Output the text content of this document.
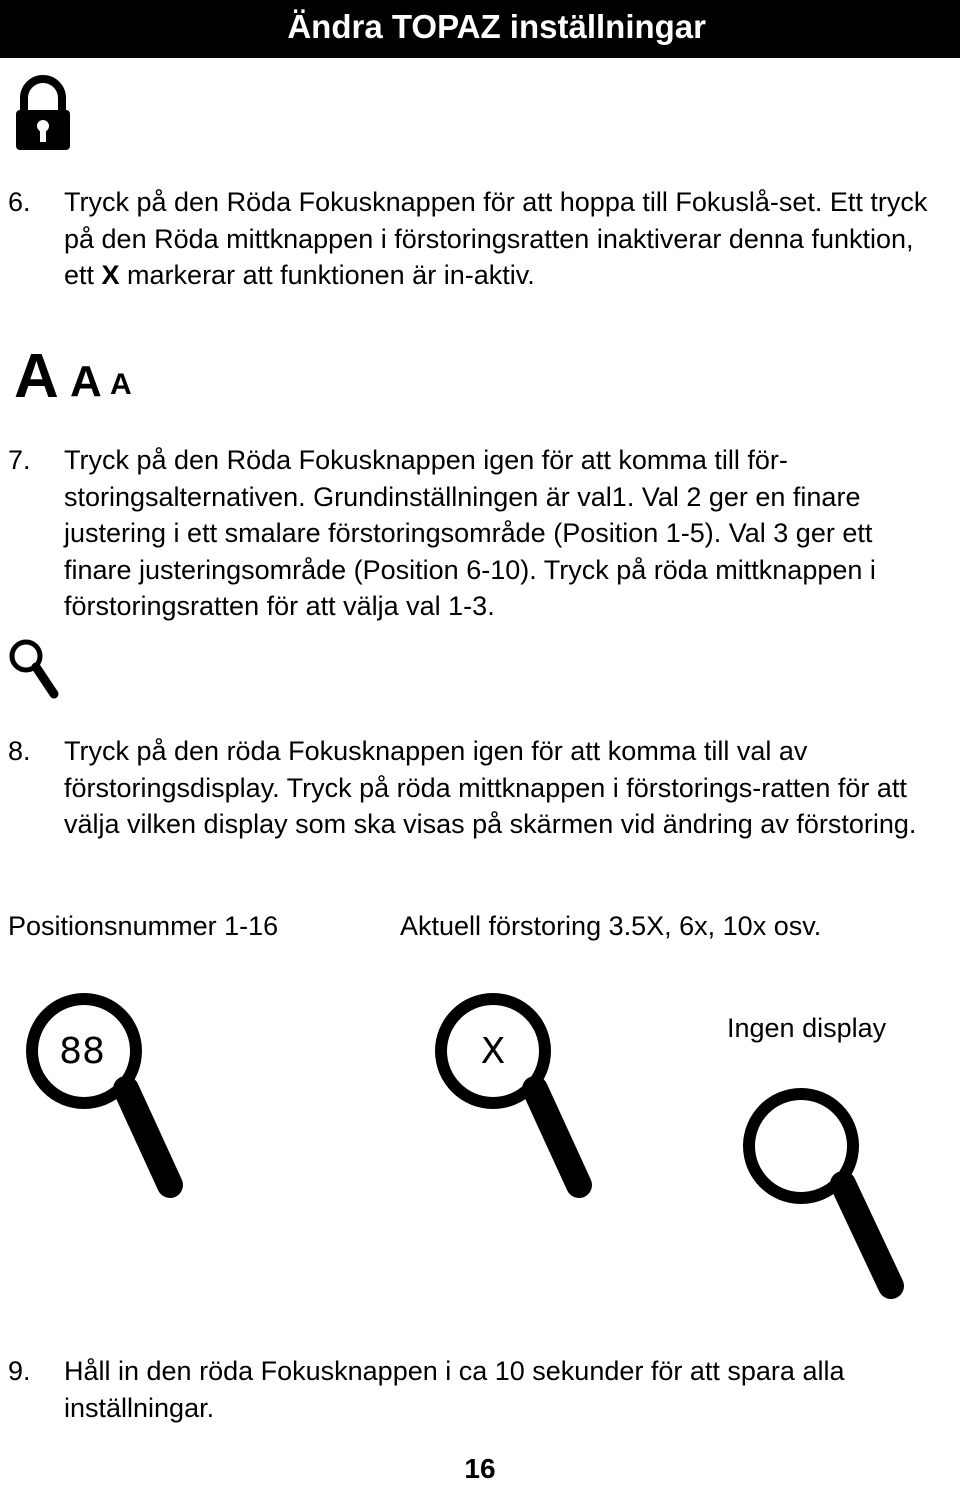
Ändra TOPAZ inställningar
6. Tryck på den Röda Fokusknappen för att hoppa till Fokuslå-set. Ett tryck på den Röda mittknappen i förstoringsratten inaktiverar denna funktion, ett X markerar att funktionen är in-aktiv.
A A A
7. Tryck på den Röda Fokusknappen igen för att komma till för-storingsalternativen. Grundinställningen är val1. Val 2 ger en finare justering i ett smalare förstoringsområde (Position 1-5). Val 3 ger ett finare justeringsområde (Position 6-10). Tryck på röda mittknappen i förstoringsratten för att välja val 1-3.
8. Tryck på den röda Fokusknappen igen för att komma till val av förstoringsdisplay. Tryck på röda mittknappen i förstorings-ratten för att välja vilken display som ska visas på skärmen vid ändring av förstoring.
Positionsnummer 1-16	Aktuell förstoring 3.5X, 6x, 10x osv.
Ingen display
88	X
9. Håll in den röda Fokusknappen i ca 10 sekunder för att spara alla inställningar.
16
